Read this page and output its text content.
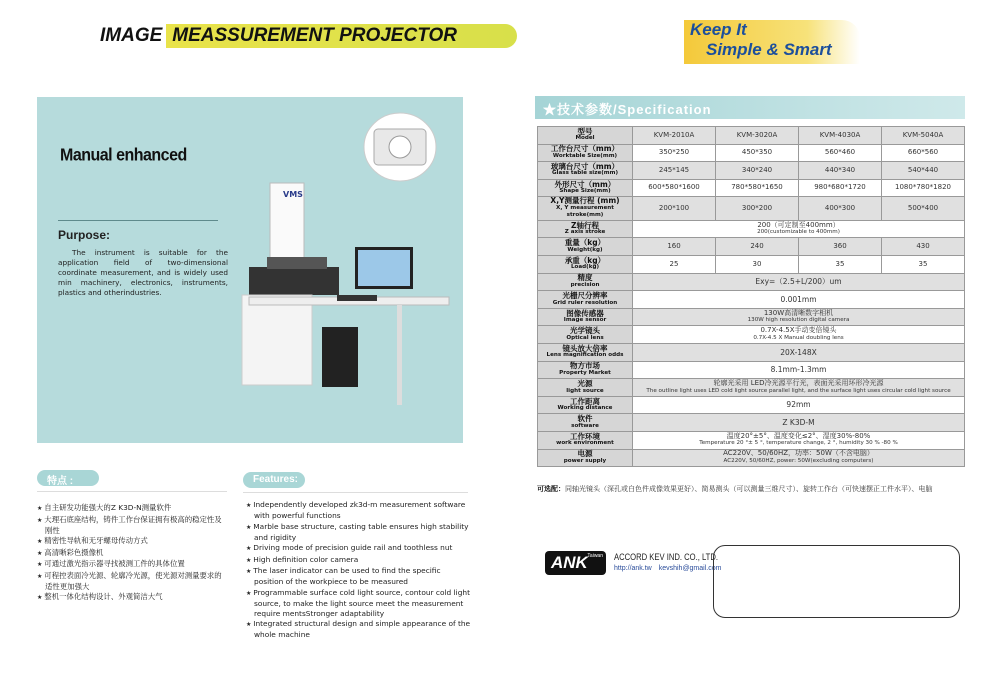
IMAGE MEASSUREMENT PROJECTOR	Keep It
Simple & Smart
VMS
Manual enhanced
Purpose:
The instrument is suitable for the application field of two-dimensional coordinate measurement, and is widely used min machinery, electronics, instruments, plastics and otherindustries.
特点 :
★ 自主研发功能强大的Z K3D-N测量软件
★ 大理石底座结构，铸件工作台保证拥有极高的稳定性及刚性
★ 精密性导轨和无牙螺母传动方式
★ 高清晰彩色摄像机
★ 可通过激光指示器寻找被测工件的具体位置
★ 可程控表面冷光源、轮廓冷光源，使光源对测量要求的适性更加强大
★ 整机一体化结构设计、外观简洁大气
Features:
★ Independently developed zk3d-m measurement software with powerful functions
★ Marble base structure, casting table ensures high stability and rigidity
★ Driving mode of precision guide rail and toothless nut
★ High definition color camera
★ The laser indicator can be used to find the specific position of the workpiece to be measured
★ Programmable surface cold light source, contour cold light source, to make the light source meet the measurement require mentsStronger adaptability
★ Integrated structural design and simple appearance of the whole machine
★技术参数/Specification
型号
Model	KVM-2010A	KVM-3020A	KVM-4030A	KVM-5040A

工作台尺寸（mm）
Worktable Size(mm)	350*250	450*350	560*460	660*560

玻璃台尺寸（mm）
Glass table size(mm)	245*145	340*240	440*340	540*440

外形尺寸（mm）
Shape Size(mm)	600*580*1600	780*580*1650	980*680*1720	1080*780*1820

X,Y测量行程 (mm)
X, Y measurement stroke(mm)	200*100	300*200	400*300	500*400

Z轴行程
Z axis stroke	200（可定制至400mm）
200(customizable to 400mm)			

重量（kg）
Weight(kg)	160	240	360	430

承重（kg）
Load(kg)	25	30	35	35

精度
precision	Exy=（2.5+L/200）um			

光栅尺分辨率
Grid ruler resolution	0.001mm			

图像传感器
Image sensor	130W高清晰数字相机
130W high resolution digital camera			

光学镜头
Optical lens	0.7X-4.5X手动变倍镜头
0.7X-4.5 X Manual doubling lens			

镜头放大倍率
Lens magnification odds	20X-148X			

物方市场
Property Market	8.1mm-1.3mm			

光源
light source	轮廓光采用 LED冷光源平行光，表面光采用环形冷光源
The outline light uses LED cold light source parallel light, and the surface light uses circular cold light source			

工作距离
Working distance	92mm			

软件
software	Z K3D-M			

工作环境
work environment	温度20°±5°、温度变化≤2°、湿度30%-80%
Temperature 20 °± 5 °, temperature change, 2 °, humidity 30 % -80 %			

电源
power supply	AC220V、50/60HZ，功率：50W（不含电脑）
AC220V, 50/60HZ, power: 50W(excluding computers)			
可选配：同轴光镜头（深孔或白色件成像效果更好）、简易测头（可以测量三维尺寸）、旋转工作台（可快速摆正工件水平）、电脑
ANK Taiwan ACCORD KEV IND. CO., LTD.
http://ank.tw kevshih@gmail.com
